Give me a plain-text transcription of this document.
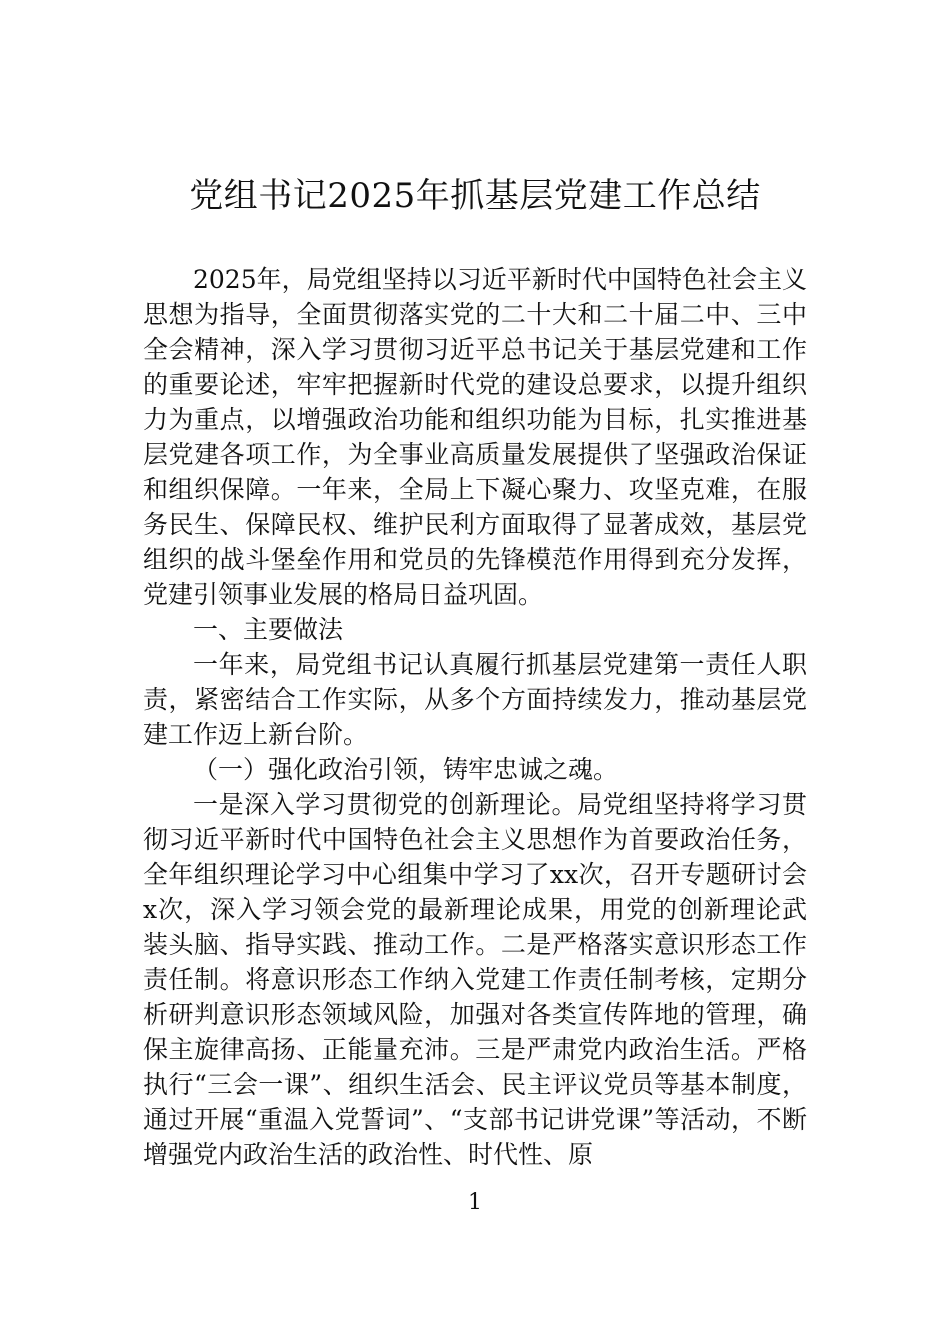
党组书记2025年抓基层党建工作总结

2025年，局党组坚持以习近平新时代中国特色社会主义思想为指导，全面贯彻落实党的二十大和二十届二中、三中全会精神，深入学习贯彻习近平总书记关于基层党建和工作的重要论述，牢牢把握新时代党的建设总要求，以提升组织力为重点，以增强政治功能和组织功能为目标，扎实推进基层党建各项工作，为全事业高质量发展提供了坚强政治保证和组织保障。一年来，全局上下凝心聚力、攻坚克难，在服务民生、保障民权、维护民利方面取得了显著成效，基层党组织的战斗堡垒作用和党员的先锋模范作用得到充分发挥，党建引领事业发展的格局日益巩固。

一、主要做法

一年来，局党组书记认真履行抓基层党建第一责任人职责，紧密结合工作实际，从多个方面持续发力，推动基层党建工作迈上新台阶。

（一）强化政治引领，铸牢忠诚之魂。

一是深入学习贯彻党的创新理论。局党组坚持将学习贯彻习近平新时代中国特色社会主义思想作为首要政治任务，全年组织理论学习中心组集中学习了xx次，召开专题研讨会x次，深入学习领会党的最新理论成果，用党的创新理论武装头脑、指导实践、推动工作。二是严格落实意识形态工作责任制。将意识形态工作纳入党建工作责任制考核，定期分析研判意识形态领域风险，加强对各类宣传阵地的管理，确保主旋律高扬、正能量充沛。三是严肃党内政治生活。严格执行“三会一课”、组织生活会、民主评议党员等基本制度，通过开展“重温入党誓词”、“支部书记讲党课”等活动，不断增强党内政治生活的政治性、时代性、原

1
